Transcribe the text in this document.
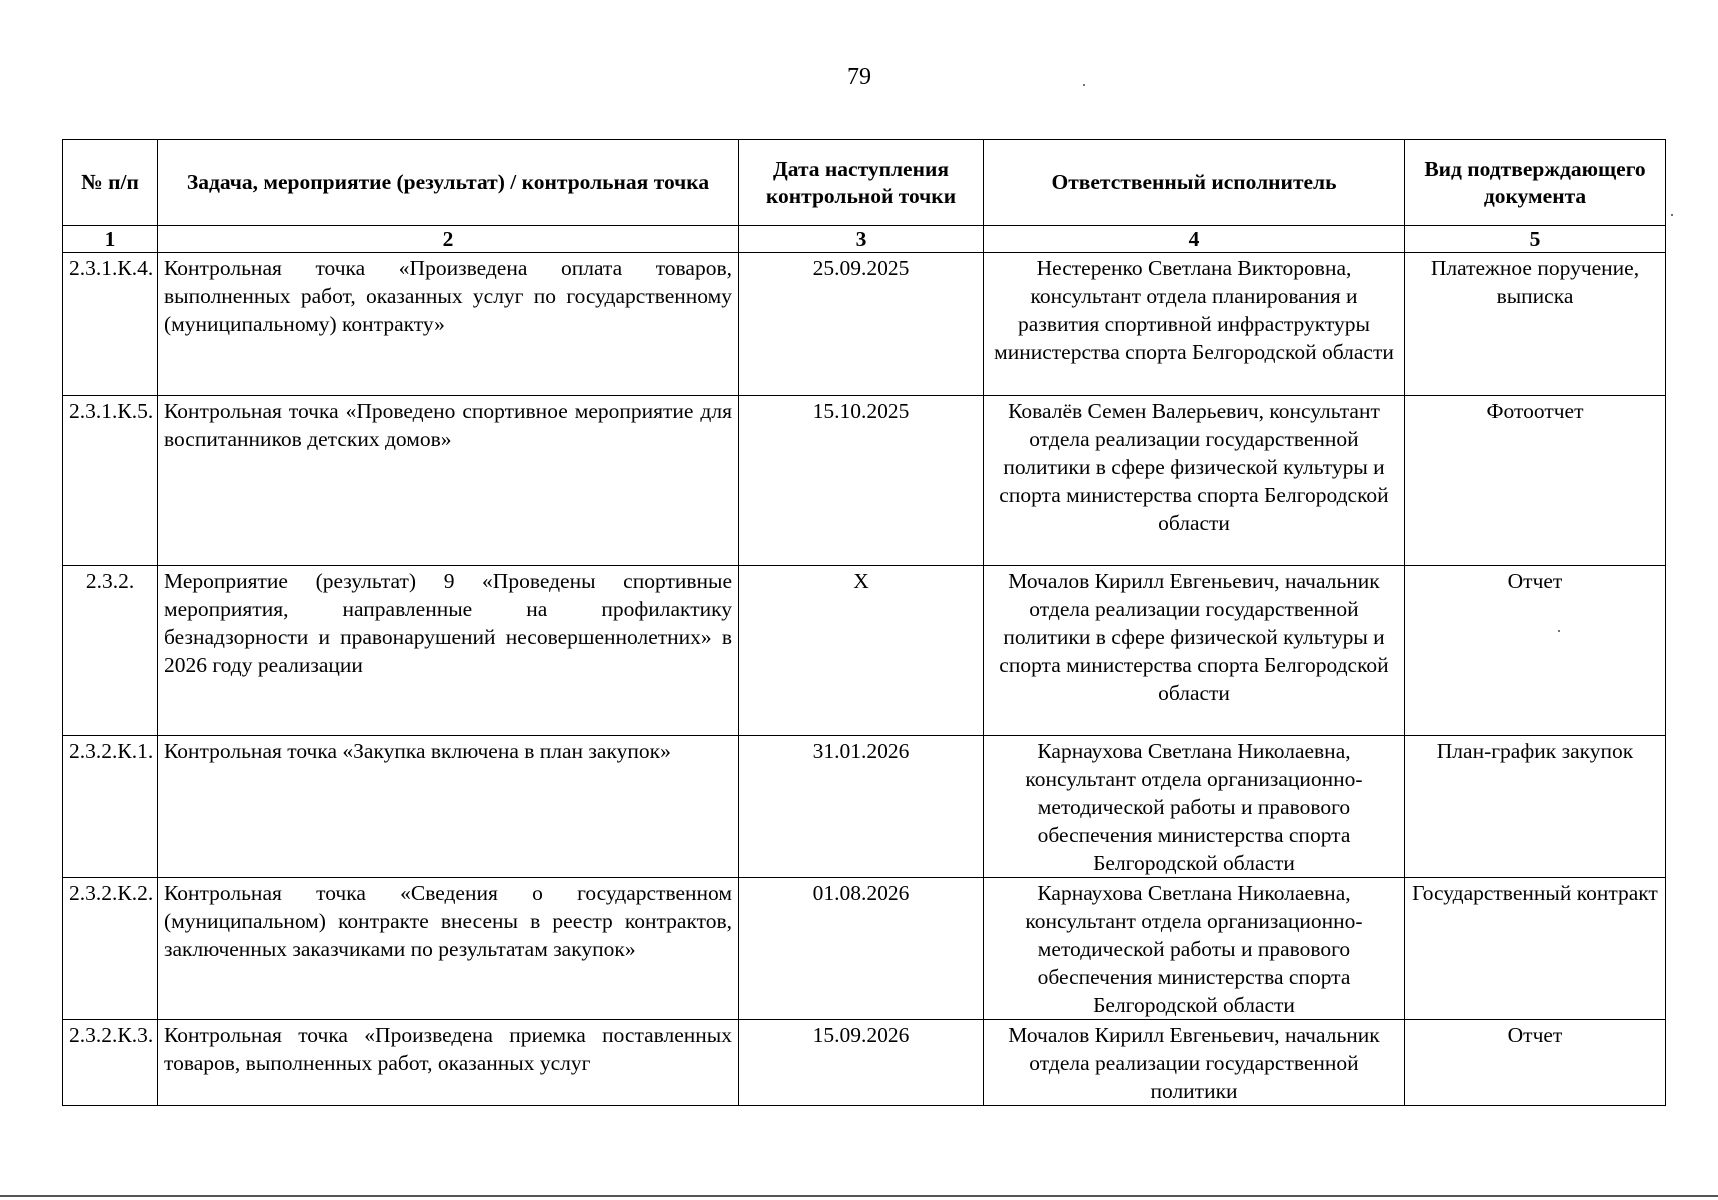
79
№ п/п	Задача, мероприятие (результат) / контрольная точка	Дата наступления контрольной точки	Ответственный исполнитель	Вид подтверждающего документа
1	2	3	4	5
2.3.1.К.4.	Контрольная точка «Произведена оплата товаров, выполненных работ, оказанных услуг по государственному (муниципальному) контракту»	25.09.2025	Нестеренко Светлана Викторовна, консультант отдела планирования и развития спортивной инфраструктуры министерства спорта Белгородской области	Платежное поручение, выписка
2.3.1.К.5.	Контрольная точка «Проведено спортивное мероприятие для воспитанников детских домов»	15.10.2025	Ковалёв Семен Валерьевич, консультант отдела реализации государственной политики в сфере физической культуры и спорта министерства спорта Белгородской области	Фотоотчет
2.3.2.	Мероприятие (результат) 9 «Проведены спортивные мероприятия, направленные на профилактику безнадзорности и правонарушений несовершеннолетних» в 2026 году реализации	Х	Мочалов Кирилл Евгеньевич, начальник отдела реализации государственной политики в сфере физической культуры и спорта министерства спорта Белгородской области	Отчет
2.3.2.К.1.	Контрольная точка «Закупка включена в план закупок»	31.01.2026	Карнаухова Светлана Николаевна, консультант отдела организационно-методической работы и правового обеспечения министерства спорта Белгородской области	План-график закупок
2.3.2.К.2.	Контрольная точка «Сведения о государственном (муниципальном) контракте внесены в реестр контрактов, заключенных заказчиками по результатам закупок»	01.08.2026	Карнаухова Светлана Николаевна, консультант отдела организационно-методической работы и правового обеспечения министерства спорта Белгородской области	Государственный контракт
2.3.2.К.3.	Контрольная точка «Произведена приемка поставленных товаров, выполненных работ, оказанных услуг	15.09.2026	Мочалов Кирилл Евгеньевич, начальник отдела реализации государственной политики	Отчет
